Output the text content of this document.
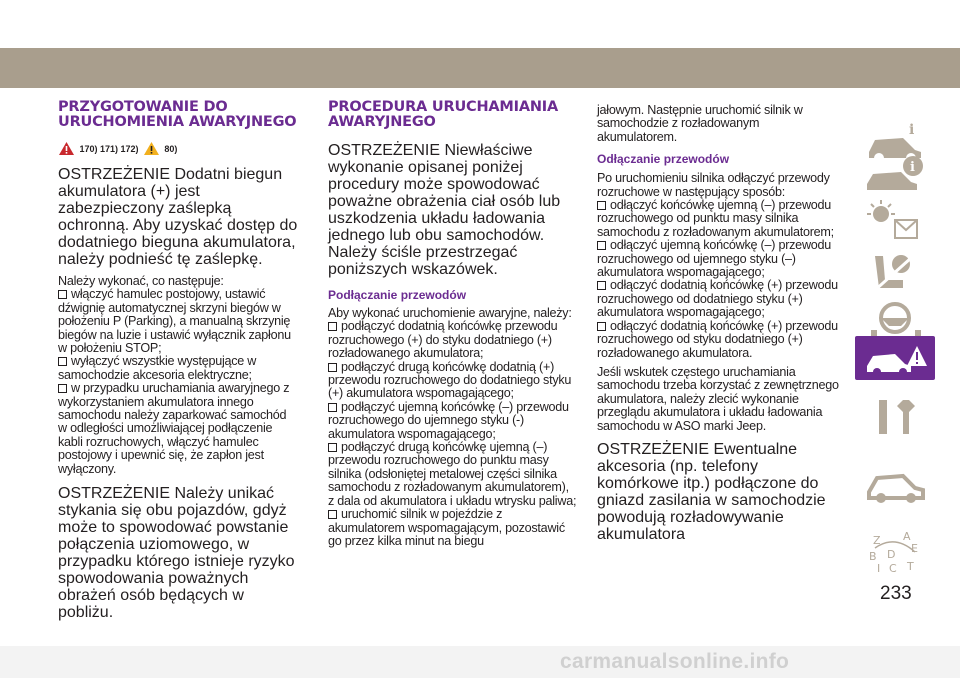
PRZYGOTOWANIE DO URUCHOMIENIA AWARYJNEGO
170) 171) 172)	80)

OSTRZEŻENIE Dodatni biegun akumulatora (+) jest zabezpieczony zaślepką ochronną. Aby uzyskać dostęp do dodatniego bieguna akumulatora, należy podnieść tę zaślepkę.

Należy wykonać, co następuje:

włączyć hamulec postojowy, ustawić dźwignię automatycznej skrzyni biegów w położeniu P (Parking), a manualną skrzynię biegów na luzie i ustawić wyłącznik zapłonu w położeniu STOP;

wyłączyć wszystkie występujące w samochodzie akcesoria elektryczne;

w przypadku uruchamiania awaryjnego z wykorzystaniem akumulatora innego samochodu należy zaparkować samochód w odległości umożliwiającej podłączenie kabli rozruchowych, włączyć hamulec postojowy i upewnić się, że zapłon jest wyłączony.

OSTRZEŻENIE Należy unikać stykania się obu pojazdów, gdyż może to spowodować powstanie połączenia uziomowego, w przypadku którego istnieje ryzyko spowodowania poważnych obrażeń osób będących w pobliżu.

PROCEDURA URUCHAMIANIA AWARYJNEGO

OSTRZEŻENIE Niewłaściwe wykonanie opisanej poniżej procedury może spowodować poważne obrażenia ciał osób lub uszkodzenia układu ładowania jednego lub obu samochodów. Należy ściśle przestrzegać poniższych wskazówek.

Podłączanie przewodów

Aby wykonać uruchomienie awaryjne, należy:

podłączyć dodatnią końcówkę przewodu rozruchowego (+) do styku dodatniego (+) rozładowanego akumulatora;

podłączyć drugą końcówkę dodatnią (+) przewodu rozruchowego do dodatniego styku (+) akumulatora wspomagającego;

podłączyć ujemną końcówkę (–) przewodu rozruchowego do ujemnego styku (-) akumulatora wspomagającego;

podłączyć drugą końcówkę ujemną (–) przewodu rozruchowego do punktu masy silnika (odsłoniętej metalowej części silnika samochodu z rozładowanym akumulatorem), z dala od akumulatora i układu wtrysku paliwa;

uruchomić silnik w pojeździe z akumulatorem wspomagającym, pozostawić go przez kilka minut na biegu

jałowym. Następnie uruchomić silnik w samochodzie z rozładowanym akumulatorem.

Odłączanie przewodów

Po uruchomieniu silnika odłączyć przewody rozruchowe w następujący sposób:

odłączyć końcówkę ujemną (–) przewodu rozruchowego od punktu masy silnika samochodu z rozładowanym akumulatorem;

odłączyć ujemną końcówkę (–) przewodu rozruchowego od ujemnego styku (–) akumulatora wspomagającego;

odłączyć dodatnią końcówkę (+) przewodu rozruchowego od dodatniego styku (+) akumulatora wspomagającego;

odłączyć dodatnią końcówkę (+) przewodu rozruchowego od styku dodatniego (+) rozładowanego akumulatora.

Jeśli wskutek częstego uruchamiania samochodu trzeba korzystać z zewnętrznego akumulatora, należy zlecić wykonanie przeglądu akumulatora i układu ładowania samochodu w ASO marki Jeep.

OSTRZEŻENIE Ewentualne akcesoria (np. telefony komórkowe itp.) podłączone do gniazd zasilania w samochodzie powodują rozładowywanie akumulatora

i
i
Z A
E
B D
I C T
233
carmanualsonline.info
